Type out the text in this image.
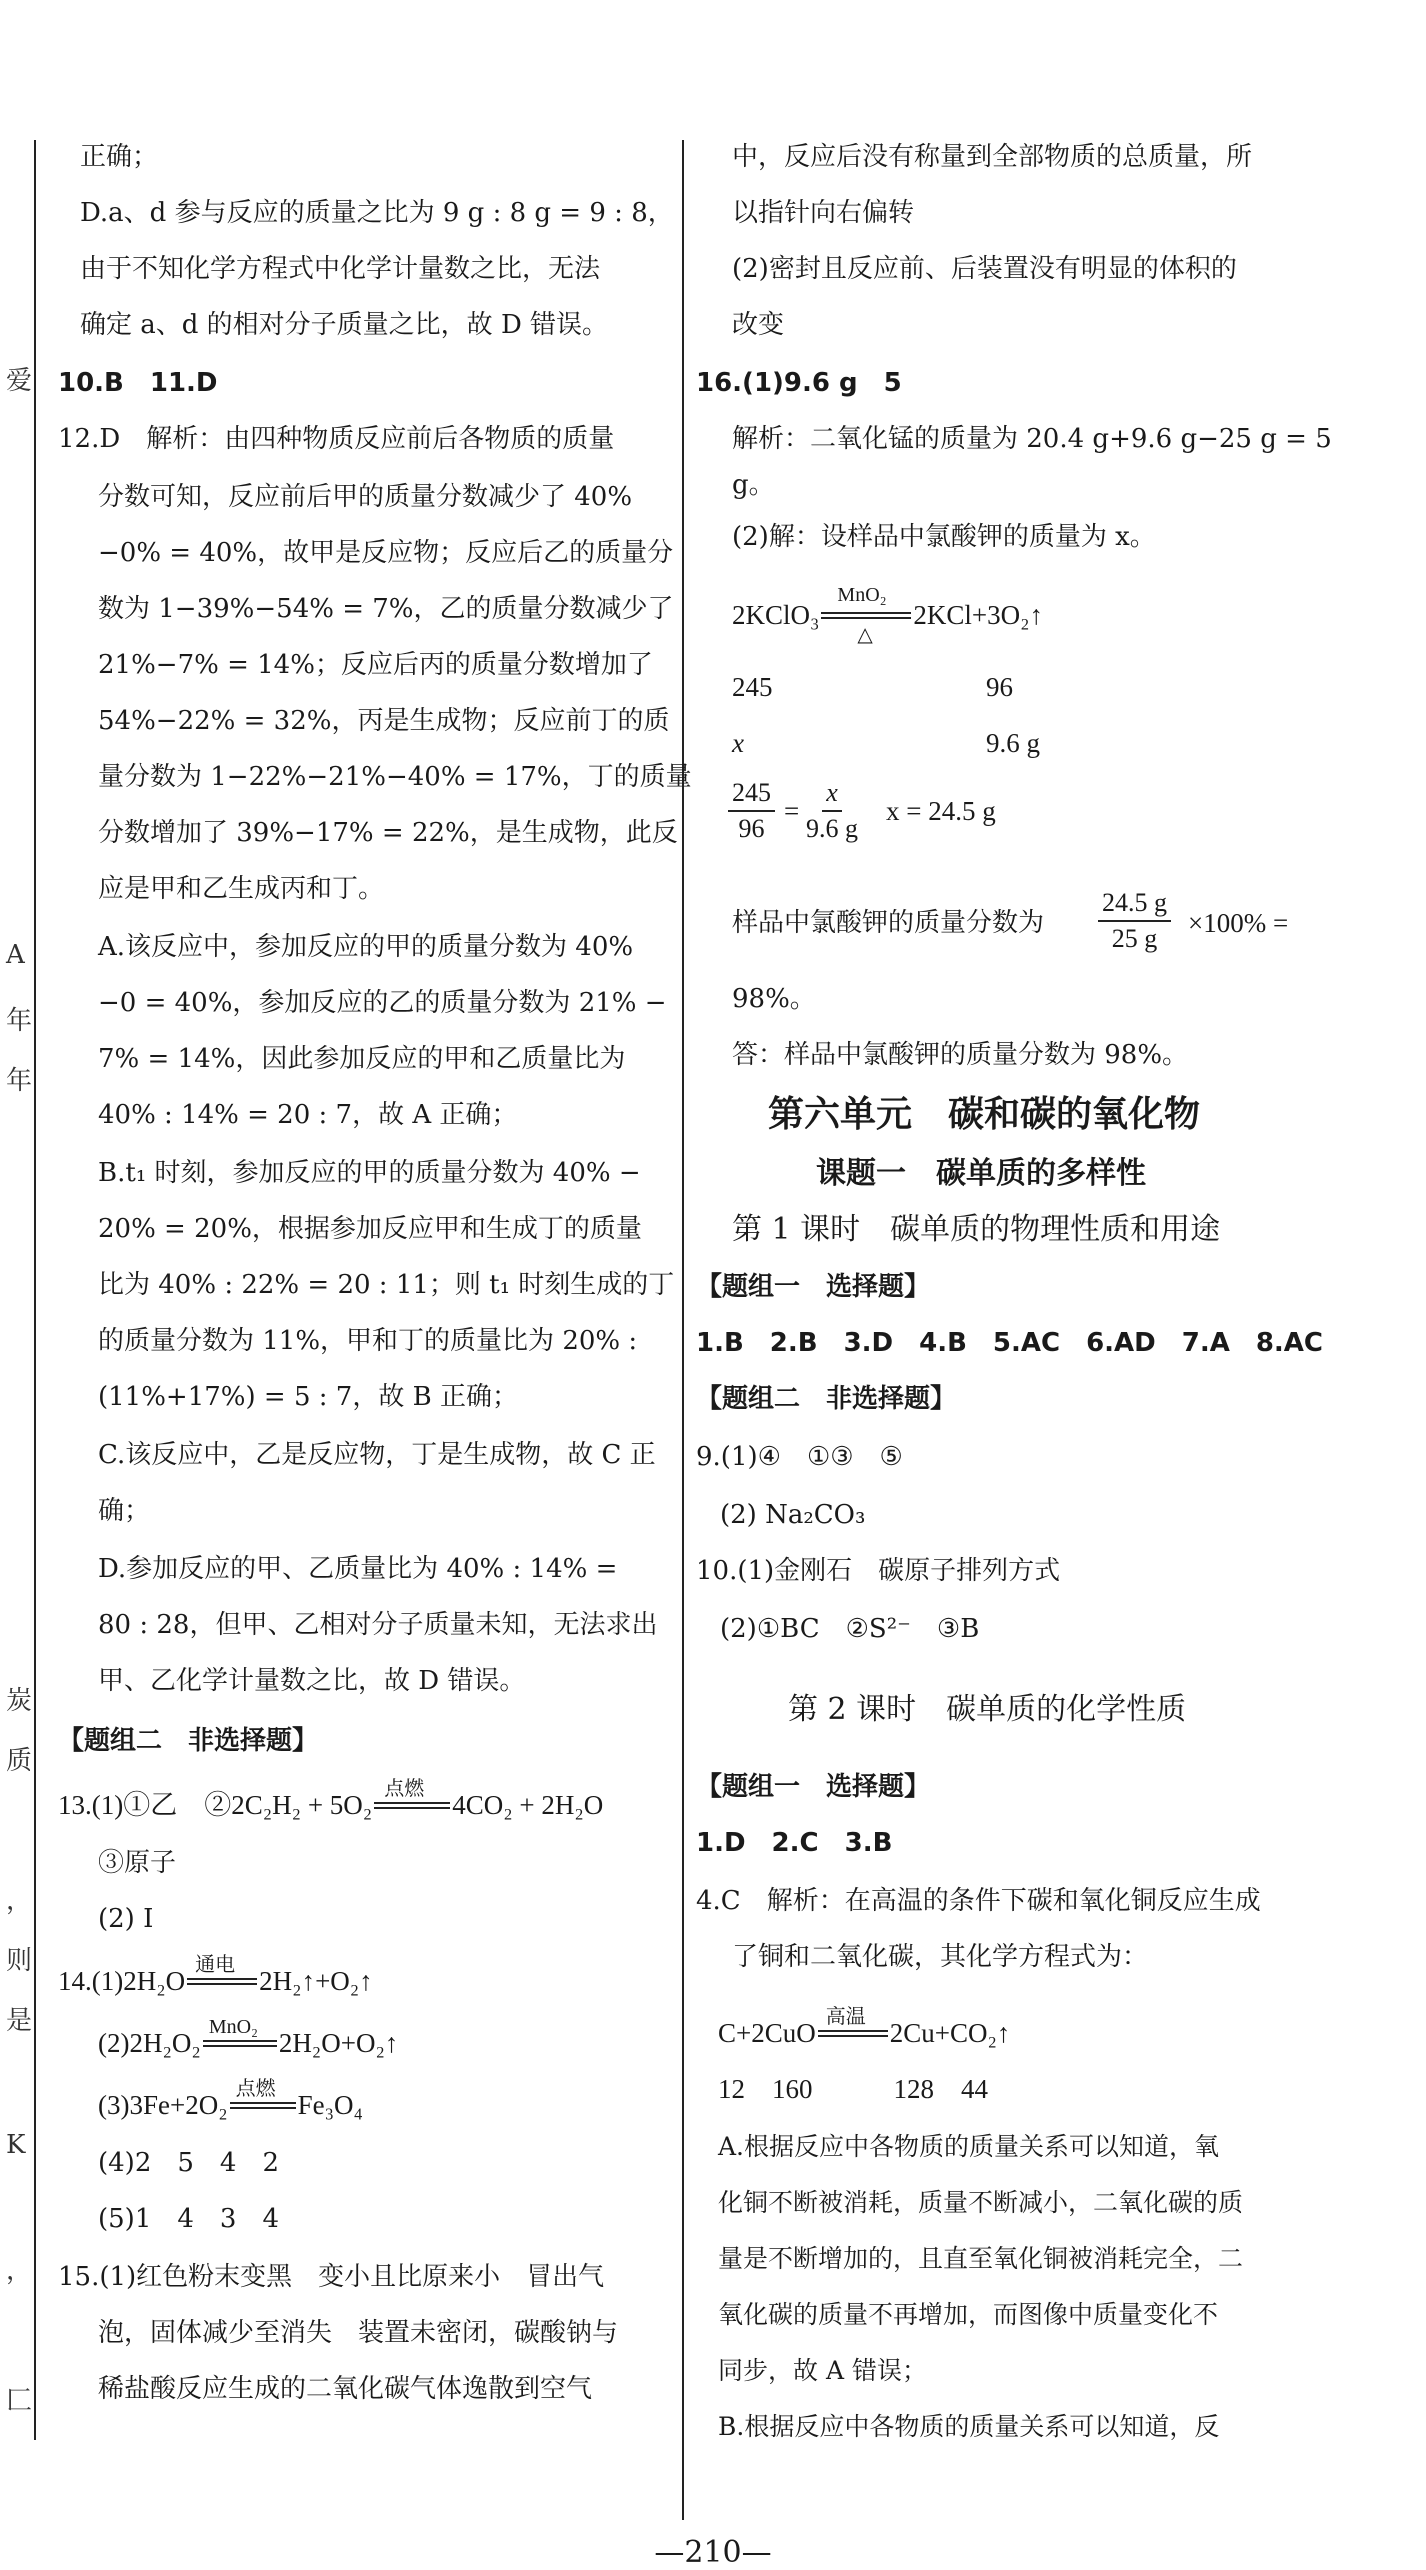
爱
A
年
年
炭
质
，
则
是
K
，
匚
正确；
D.a、d 参与反应的质量之比为 9 g : 8 g = 9 : 8，
由于不知化学方程式中化学计量数之比，无法
确定 a、d 的相对分子质量之比，故 D 错误。
10.B　11.D
12.D　解析：由四种物质反应前后各物质的质量
分数可知，反应前后甲的质量分数减少了 40%
−0% = 40%，故甲是反应物；反应后乙的质量分
数为 1−39%−54% = 7%，乙的质量分数减少了
21%−7% = 14%；反应后丙的质量分数增加了
54%−22% = 32%，丙是生成物；反应前丁的质
量分数为 1−22%−21%−40% = 17%，丁的质量
分数增加了 39%−17% = 22%，是生成物，此反
应是甲和乙生成丙和丁。
A.该反应中，参加反应的甲的质量分数为 40%
−0 = 40%，参加反应的乙的质量分数为 21% −
7% = 14%，因此参加反应的甲和乙质量比为
40% : 14% = 20 : 7，故 A 正确；
B.t₁ 时刻，参加反应的甲的质量分数为 40% −
20% = 20%，根据参加反应甲和生成丁的质量
比为 40% : 22% = 20 : 11；则 t₁ 时刻生成的丁
的质量分数为 11%，甲和丁的质量比为 20% :
(11%+17%) = 5 : 7，故 B 正确；
C.该反应中，乙是反应物，丁是生成物，故 C 正
确；
D.参加反应的甲、乙质量比为 40% : 14% =
80 : 28，但甲、乙相对分子质量未知，无法求出
甲、乙化学计量数之比，故 D 错误。
【题组二　非选择题】
13.(1)①乙　②2C₂H₂ + 5O₂
点燃
4CO₂ + 2H₂O
③原子
(2) Ⅰ
14.(1)2H₂O
通电
2H₂↑+O₂↑
(2)2H₂O₂
MnO₂
2H₂O+O₂↑
(3)3Fe+2O₂
点燃
Fe₃O₄
(4)2　5　4　2
(5)1　4　3　4
15.(1)红色粉末变黑　变小且比原来小　冒出气
泡，固体减少至消失　装置未密闭，碳酸钠与
稀盐酸反应生成的二氧化碳气体逸散到空气
中，反应后没有称量到全部物质的总质量，所
以指针向右偏转
(2)密封且反应前、后装置没有明显的体积的
改变
16.(1)9.6 g　5
解析：二氧化锰的质量为 20.4 g+9.6 g−25 g = 5
g。
(2)解：设样品中氯酸钾的质量为 x。
2KClO₃
MnO₂
△
2KCl+3O₂↑
245	96
x	9.6 g
$\frac{245}{96} = \frac{x}{9.6 g}$ x = 24.5 g
样品中氯酸钾的质量分数为 $\frac{24.5 g}{25 g} \times 100\%$ =
98%。
答：样品中氯酸钾的质量分数为 98%。
第六单元　碳和碳的氧化物
课题一　碳单质的多样性
第 1 课时　碳单质的物理性质和用途
【题组一　选择题】
1.B　2.B　3.D　4.B　5.AC　6.AD　7.A　8.AC
【题组二　非选择题】
9.(1)④　①③　⑤
(2) Na₂CO₃
10.(1)金刚石　碳原子排列方式
(2)①BC　②S²⁻　③B
第 2 课时　碳单质的化学性质
【题组一　选择题】
1.D　2.C　3.B
4.C　解析：在高温的条件下碳和氧化铜反应生成
了铜和二氧化碳，其化学方程式为：
C+2CuO
高温
2Cu+CO₂↑
12　160　　　128　44
A.根据反应中各物质的质量关系可以知道，氧
化铜不断被消耗，质量不断减小，二氧化碳的质
量是不断增加的，且直至氧化铜被消耗完全，二
氧化碳的质量不再增加，而图像中质量变化不
同步，故 A 错误；
B.根据反应中各物质的质量关系可以知道，反
—210—
